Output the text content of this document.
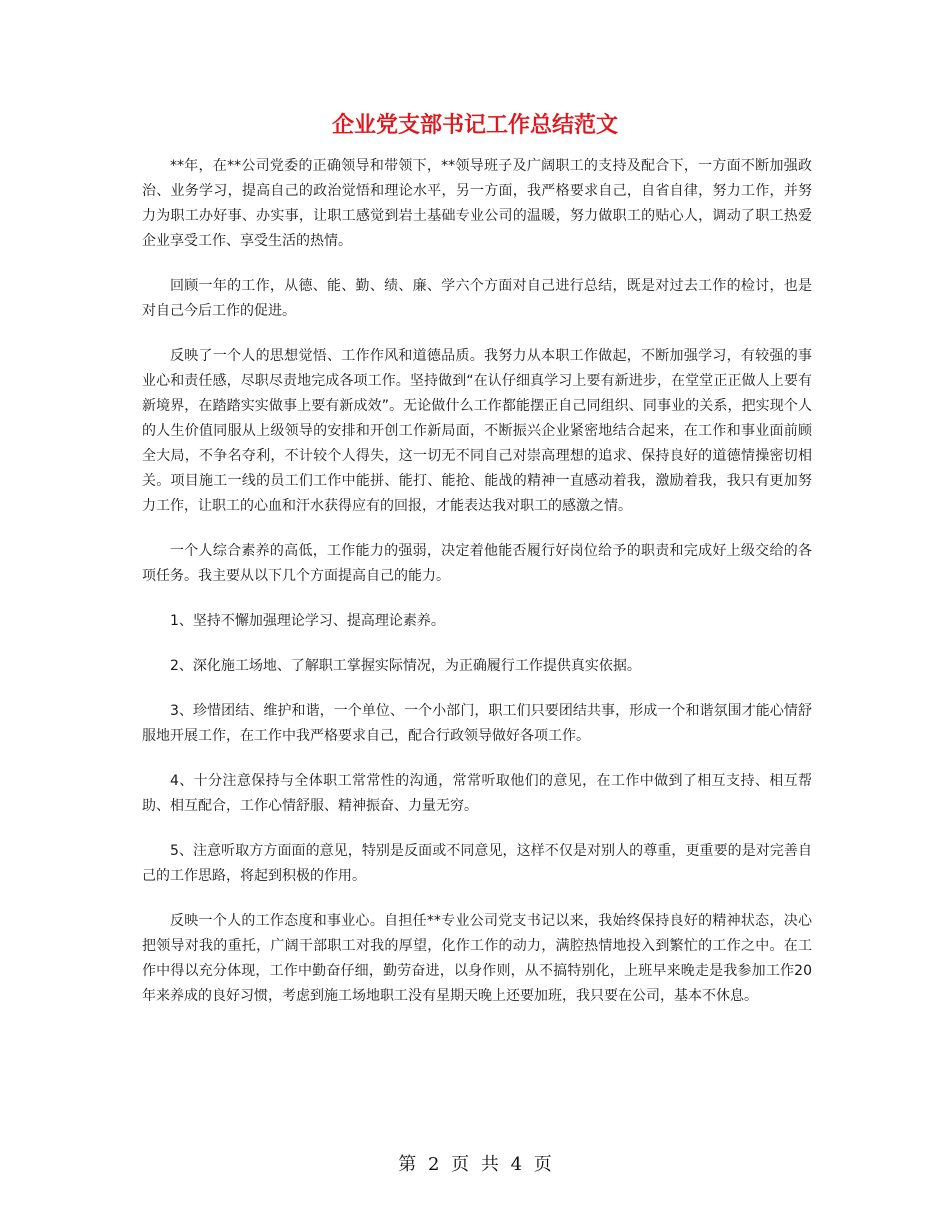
企业党支部书记工作总结范文

**年，在**公司党委的正确领导和带领下，**领导班子及广阔职工的支持及配合下，一方面不断加强政治、业务学习，提高自己的政治觉悟和理论水平，另一方面，我严格要求自己，自省自律，努力工作，并努力为职工办好事、办实事，让职工感觉到岩土基础专业公司的温暖，努力做职工的贴心人，调动了职工热爱企业享受工作、享受生活的热情。

回顾一年的工作，从德、能、勤、绩、廉、学六个方面对自己进行总结，既是对过去工作的检讨，也是对自己今后工作的促进。

反映了一个人的思想觉悟、工作作风和道德品质。我努力从本职工作做起，不断加强学习，有较强的事业心和责任感，尽职尽责地完成各项工作。坚持做到“在认仔细真学习上要有新进步，在堂堂正正做人上要有新境界，在踏踏实实做事上要有新成效”。无论做什么工作都能摆正自己同组织、同事业的关系，把实现个人的人生价值同服从上级领导的安排和开创工作新局面，不断振兴企业紧密地结合起来，在工作和事业面前顾全大局，不争名夺利，不计较个人得失，这一切无不同自己对崇高理想的追求、保持良好的道德情操密切相关。项目施工一线的员工们工作中能拼、能打、能抢、能战的精神一直感动着我，激励着我，我只有更加努力工作，让职工的心血和汗水获得应有的回报，才能表达我对职工的感激之情。

一个人综合素养的高低，工作能力的强弱，决定着他能否履行好岗位给予的职责和完成好上级交给的各项任务。我主要从以下几个方面提高自己的能力。

1、坚持不懈加强理论学习、提高理论素养。

2、深化施工场地、了解职工掌握实际情况，为正确履行工作提供真实依据。

3、珍惜团结、维护和谐，一个单位、一个小部门，职工们只要团结共事，形成一个和谐氛围才能心情舒服地开展工作，在工作中我严格要求自己，配合行政领导做好各项工作。

4、十分注意保持与全体职工常常性的沟通，常常听取他们的意见，在工作中做到了相互支持、相互帮助、相互配合，工作心情舒服、精神振奋、力量无穷。

5、注意听取方方面面的意见，特别是反面或不同意见，这样不仅是对别人的尊重，更重要的是对完善自己的工作思路，将起到积极的作用。

反映一个人的工作态度和事业心。自担任**专业公司党支书记以来，我始终保持良好的精神状态，决心把领导对我的重托，广阔干部职工对我的厚望，化作工作的动力，满腔热情地投入到繁忙的工作之中。在工作中得以充分体现，工作中勤奋仔细，勤劳奋进，以身作则，从不搞特别化，上班早来晚走是我参加工作20年来养成的良好习惯，考虑到施工场地职工没有星期天晚上还要加班，我只要在公司，基本不休息。

第 2 页 共 4 页
